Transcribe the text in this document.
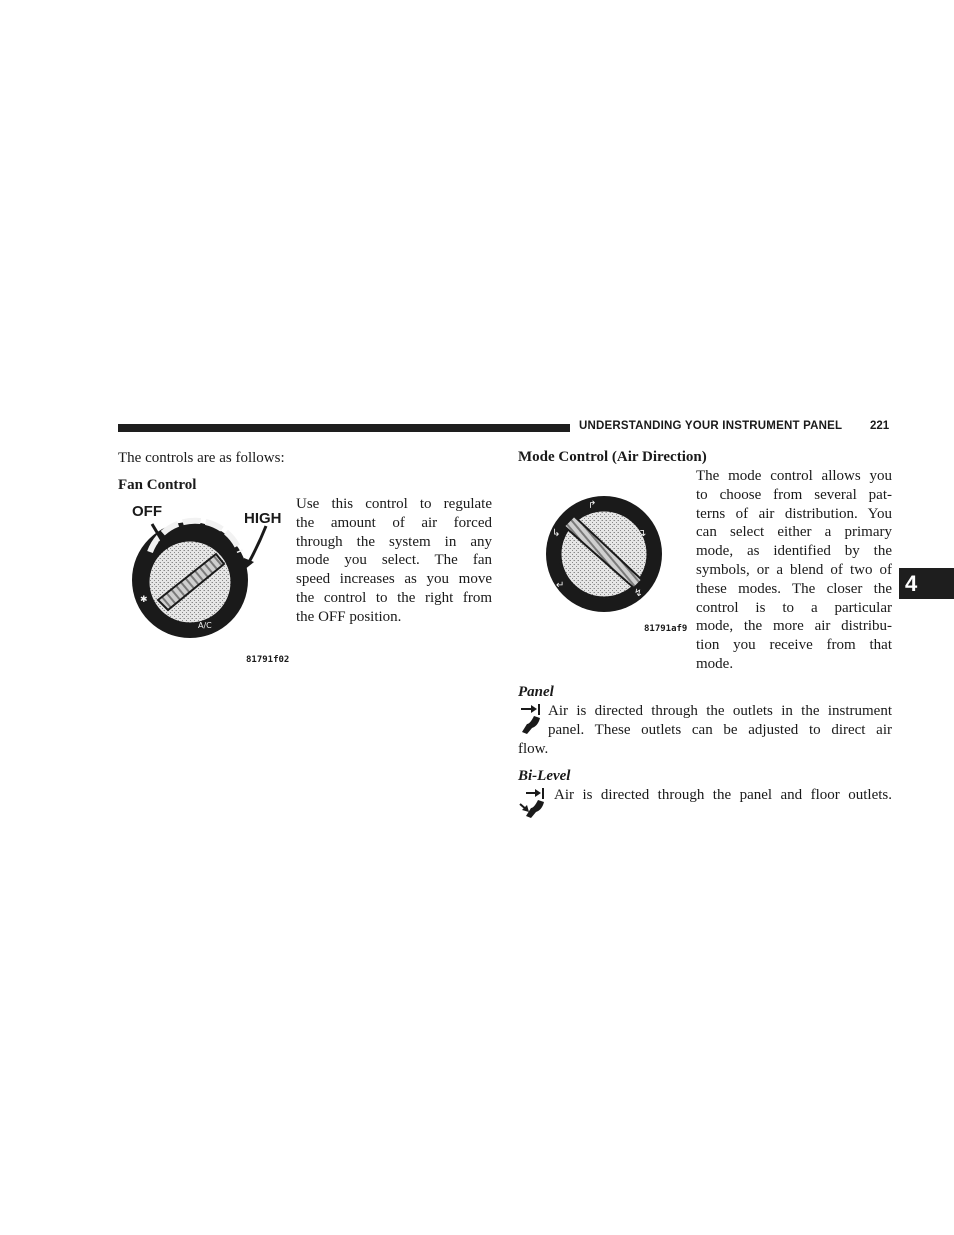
UNDERSTANDING YOUR INSTRUMENT PANEL 221
4
The controls are as follows:
Fan Control
✱
A/C
OFF	HIGH
81791f02
Use this control to regulate
the amount of air forced
through the system in any
mode you select. The fan
speed increases as you move
the control to the right from
the OFF position.
Mode Control (Air Direction)
↳
↱
↴
↵
↯
81791af9
The mode control allows you
to choose from several pat-
terns of air distribution. You
can select either a primary
mode, as identified by the
symbols, or a blend of two of
these modes. The closer the
control is to a particular
mode, the more air distribu-
tion you receive from that
mode.
Panel
Air is directed through the outlets in the instrument
panel. These outlets can be adjusted to direct air
flow.
Bi-Level
Air is directed through the panel and floor outlets.
